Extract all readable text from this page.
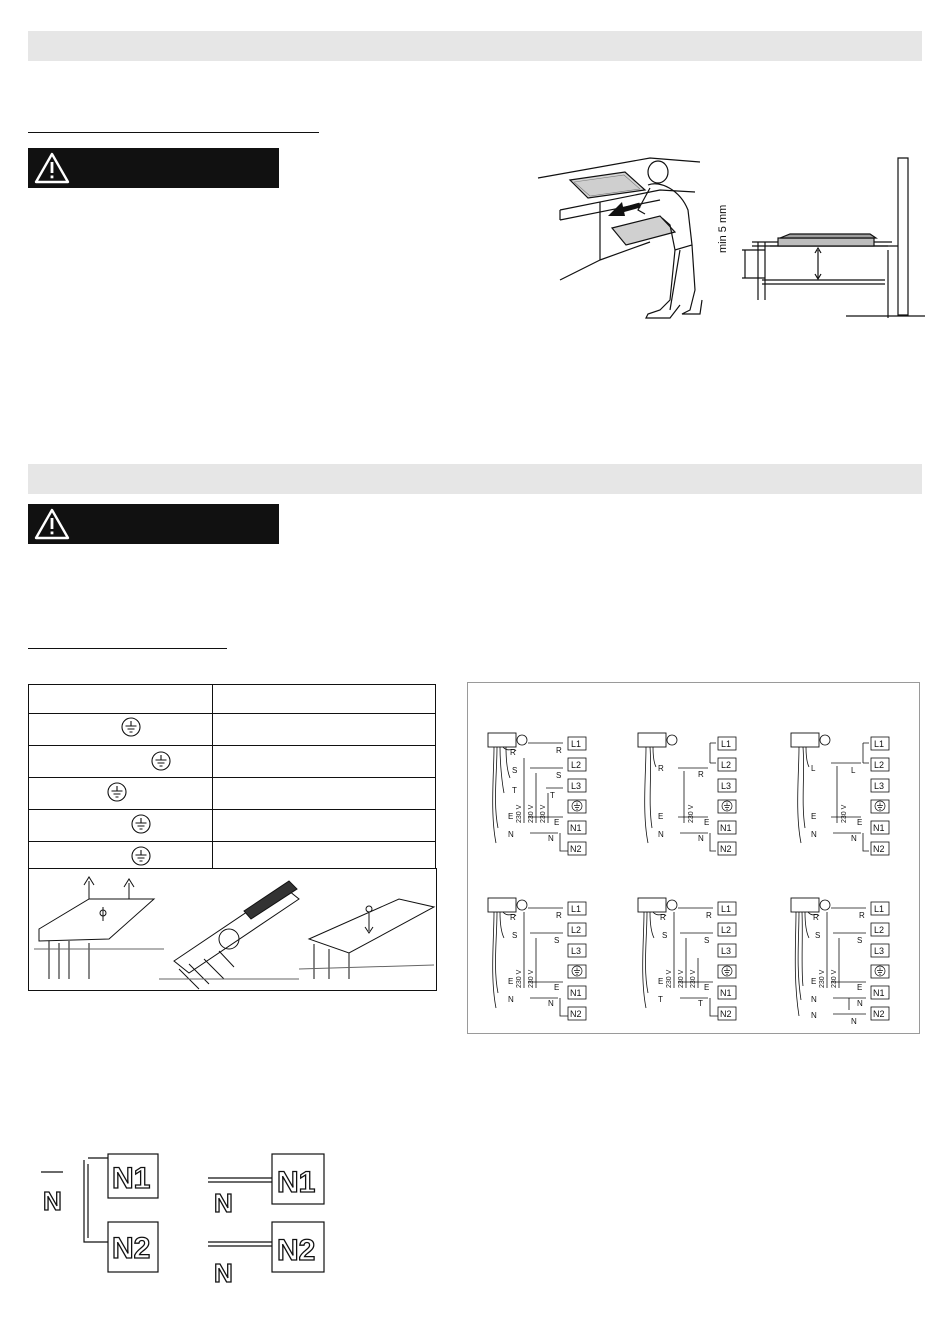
min 5 mm

R
S
T
E
N
R
S
T
E
N
230 V 230 V 230 V
L1
L2
L3
N1
N2
R
E
N
R
E
N
230 V
L1
L2
L3
N1
N2
L
E
N
L
E
N
230 V
L1
L2
L3
N1
N2
R
S
E
N
R
S
E
N
230 V 230 V
L1
L2
L3
N1
N2
R
S
E
T
R
S
E
T
230 V 230 V 230 V
L1
L2
L3
N1
N2
R
S
E
N
N
R
S
E
N
N
230 V 230 V
L1
L2
L3
N1
N2
N
N1
N2
N
N
N1
N2
